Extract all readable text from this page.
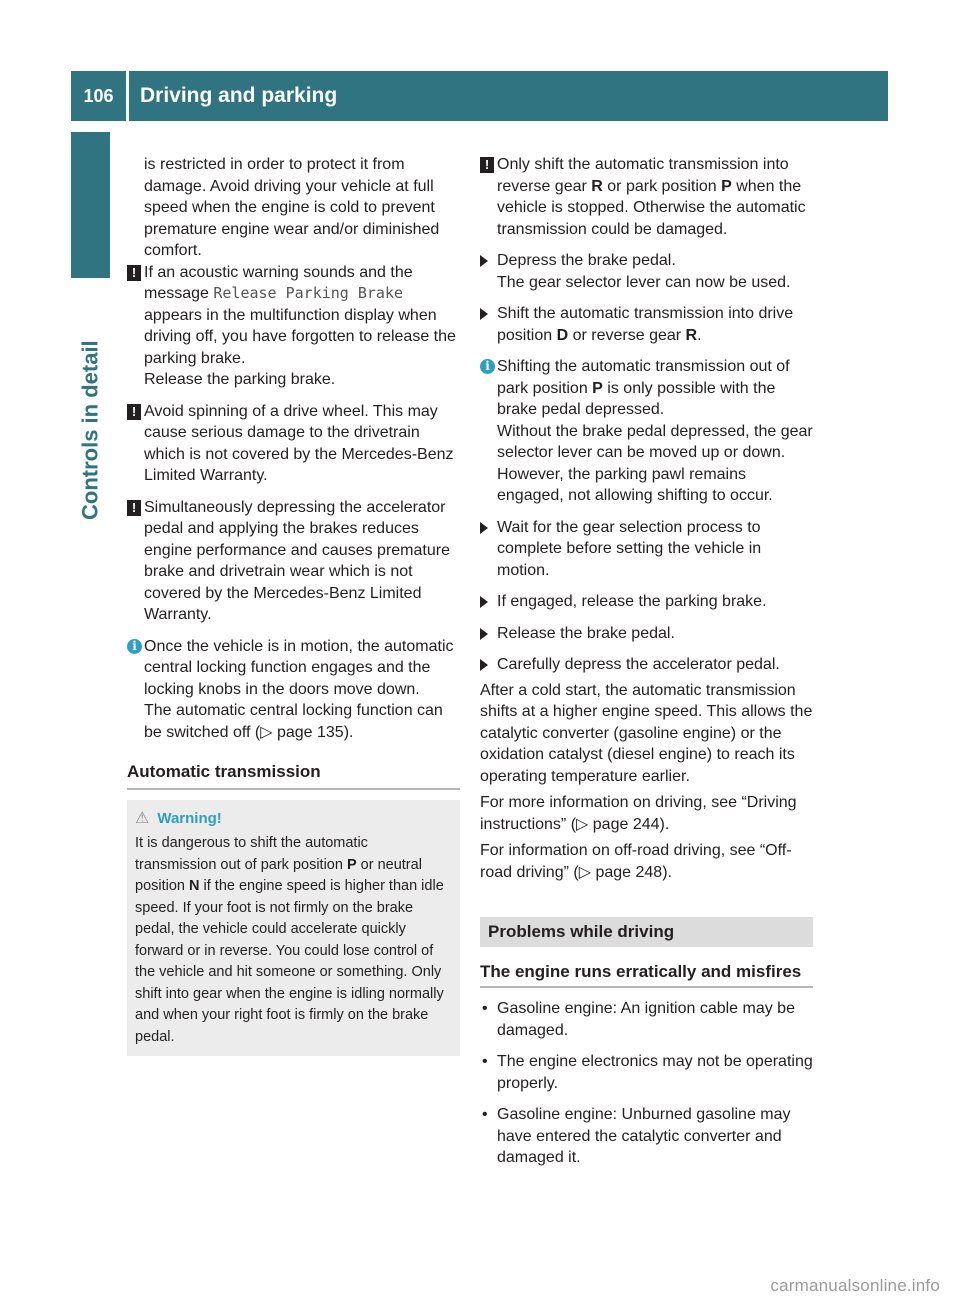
106	Driving and parking
Controls in detail

is restricted in order to protect it from damage. Avoid driving your vehicle at full speed when the engine is cold to prevent premature engine wear and/or diminished comfort.

! If an acoustic warning sounds and the message Release Parking Brake appears in the multifunction display when driving off, you have forgotten to release the parking brake.

Release the parking brake.

! Avoid spinning of a drive wheel. This may cause serious damage to the drivetrain which is not covered by the Mercedes-Benz Limited Warranty.

! Simultaneously depressing the accelerator pedal and applying the brakes reduces engine performance and causes premature brake and drivetrain wear which is not covered by the Mercedes-Benz Limited Warranty.

i Once the vehicle is in motion, the automatic central locking function engages and the locking knobs in the doors move down.

The automatic central locking function can be switched off (▷ page 135).

Automatic transmission
⚠ Warning!

It is dangerous to shift the automatic transmission out of park position P or neutral position N if the engine speed is higher than idle speed. If your foot is not firmly on the brake pedal, the vehicle could accelerate quickly forward or in reverse. You could lose control of the vehicle and hit someone or something. Only shift into gear when the engine is idling normally and when your right foot is firmly on the brake pedal.

! Only shift the automatic transmission into reverse gear R or park position P when the vehicle is stopped. Otherwise the automatic transmission could be damaged.

Depress the brake pedal.

The gear selector lever can now be used.

Shift the automatic transmission into drive position D or reverse gear R.

i Shifting the automatic transmission out of park position P is only possible with the brake pedal depressed.

Without the brake pedal depressed, the gear selector lever can be moved up or down. However, the parking pawl remains engaged, not allowing shifting to occur.

Wait for the gear selection process to complete before setting the vehicle in motion.

If engaged, release the parking brake.

Release the brake pedal.

Carefully depress the accelerator pedal.

After a cold start, the automatic transmission shifts at a higher engine speed. This allows the catalytic converter (gasoline engine) or the oxidation catalyst (diesel engine) to reach its operating temperature earlier.

For more information on driving, see “Driving instructions” (▷ page 244).

For information on off-road driving, see “Off-road driving” (▷ page 248).

Problems while driving
The engine runs erratically and misfires
• Gasoline engine: An ignition cable may be damaged.

• The engine electronics may not be operating properly.

• Gasoline engine: Unburned gasoline may have entered the catalytic converter and damaged it.

carmanualsonline.info
